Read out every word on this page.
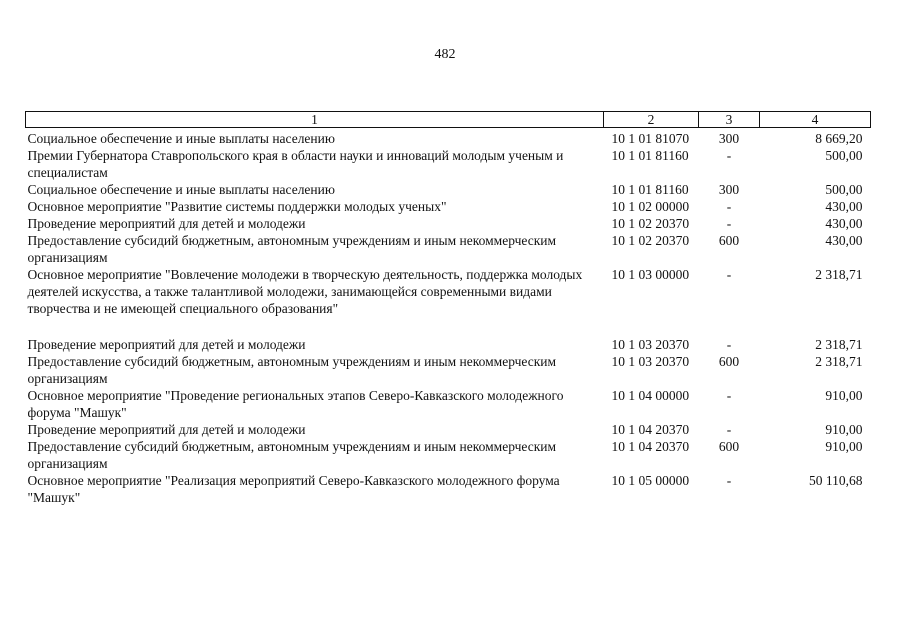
482
1	2	3	4
Социальное обеспечение и иные выплаты населению	10 1 01 81070	300	8 669,20
Премии Губернатора Ставропольского края в области науки и инноваций молодым ученым и специалистам	10 1 01 81160	-	500,00
Социальное обеспечение и иные выплаты населению	10 1 01 81160	300	500,00
Основное мероприятие "Развитие системы поддержки молодых ученых"	10 1 02 00000	-	430,00
Проведение мероприятий для детей и молодежи	10 1 02 20370	-	430,00
Предоставление субсидий бюджетным, автономным учреждениям и иным некоммерческим организациям	10 1 02 20370	600	430,00
Основное мероприятие "Вовлечение молодежи в творческую деятельность, поддержка молодых деятелей искусства, а также талантливой молодежи, занимающейся современными видами творчества и не имеющей специального образования"	10 1 03 00000	-	2 318,71
Проведение мероприятий для детей и молодежи	10 1 03 20370	-	2 318,71
Предоставление субсидий бюджетным, автономным учреждениям и иным некоммерческим организациям	10 1 03 20370	600	2 318,71
Основное мероприятие "Проведение региональных этапов Северо-Кавказского молодежного форума "Машук"	10 1 04 00000	-	910,00
Проведение мероприятий для детей и молодежи	10 1 04 20370	-	910,00
Предоставление субсидий бюджетным, автономным учреждениям и иным некоммерческим организациям	10 1 04 20370	600	910,00
Основное мероприятие "Реализация мероприятий Северо-Кавказского молодежного форума "Машук"	10 1 05 00000	-	50 110,68
